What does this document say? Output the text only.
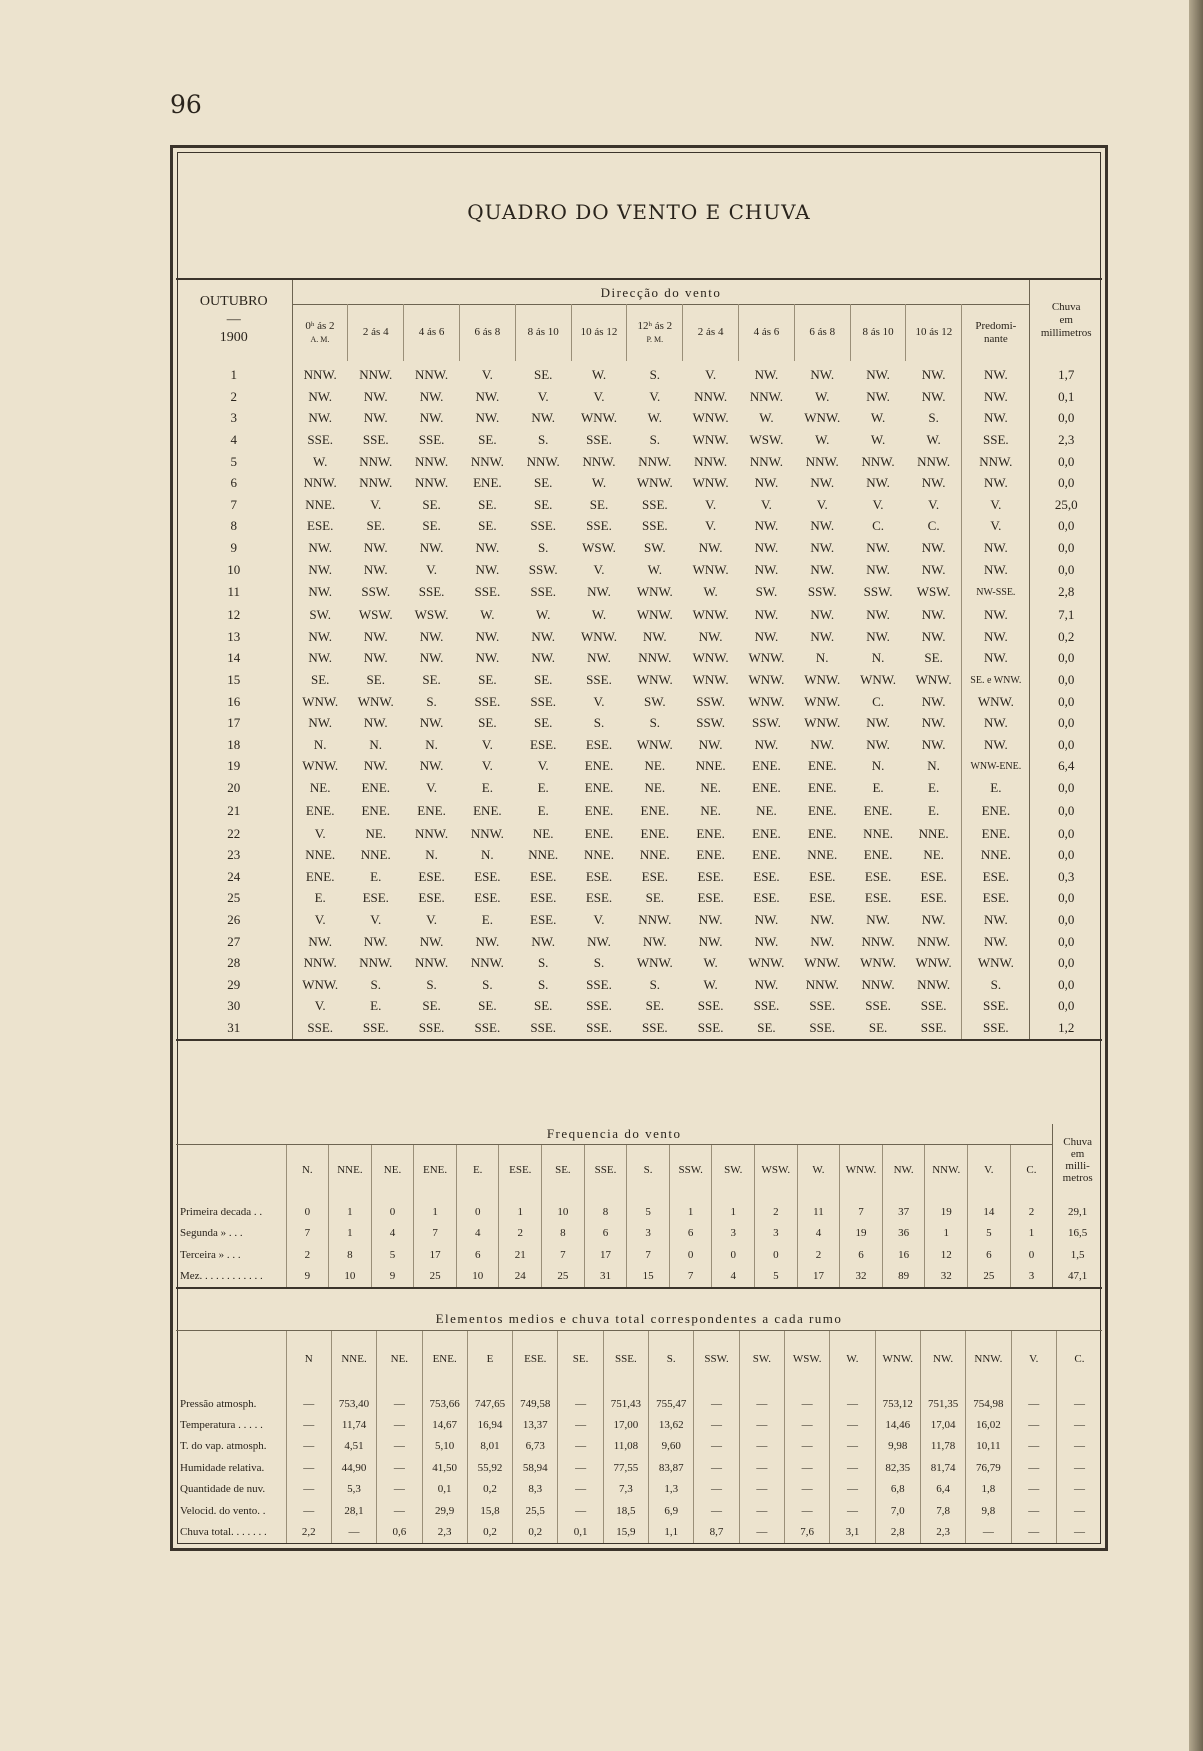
96
QUADRO DO VENTO E CHUVA
OUTUBRO
—
1900	Direcção do vento													Chuva
em
millimetros
	0ʰ ás 2
A. M.	2 ás 4	4 ás 6	6 ás 8	8 ás 10	10 ás 12	12ʰ ás 2
P. M.	2 ás 4	4 ás 6	6 ás 8	8 ás 10	10 ás 12	Predomi-
nante	
1	NNW.	NNW.	NNW.	V.	SE.	W.	S.	V.	NW.	NW.	NW.	NW.	NW.	1,7
2	NW.	NW.	NW.	NW.	V.	V.	V.	NNW.	NNW.	W.	NW.	NW.	NW.	0,1
3	NW.	NW.	NW.	NW.	NW.	WNW.	W.	WNW.	W.	WNW.	W.	S.	NW.	0,0
4	SSE.	SSE.	SSE.	SE.	S.	SSE.	S.	WNW.	WSW.	W.	W.	W.	SSE.	2,3
5	W.	NNW.	NNW.	NNW.	NNW.	NNW.	NNW.	NNW.	NNW.	NNW.	NNW.	NNW.	NNW.	0,0
6	NNW.	NNW.	NNW.	ENE.	SE.	W.	WNW.	WNW.	NW.	NW.	NW.	NW.	NW.	0,0
7	NNE.	V.	SE.	SE.	SE.	SE.	SSE.	V.	V.	V.	V.	V.	V.	25,0
8	ESE.	SE.	SE.	SE.	SSE.	SSE.	SSE.	V.	NW.	NW.	C.	C.	V.	0,0
9	NW.	NW.	NW.	NW.	S.	WSW.	SW.	NW.	NW.	NW.	NW.	NW.	NW.	0,0
10	NW.	NW.	V.	NW.	SSW.	V.	W.	WNW.	NW.	NW.	NW.	NW.	NW.	0,0
11	NW.	SSW.	SSE.	SSE.	SSE.	NW.	WNW.	W.	SW.	SSW.	SSW.	WSW.	NW-SSE.	2,8
12	SW.	WSW.	WSW.	W.	W.	W.	WNW.	WNW.	NW.	NW.	NW.	NW.	NW.	7,1
13	NW.	NW.	NW.	NW.	NW.	WNW.	NW.	NW.	NW.	NW.	NW.	NW.	NW.	0,2
14	NW.	NW.	NW.	NW.	NW.	NW.	NNW.	WNW.	WNW.	N.	N.	SE.	NW.	0,0
15	SE.	SE.	SE.	SE.	SE.	SSE.	WNW.	WNW.	WNW.	WNW.	WNW.	WNW.	SE. e WNW.	0,0
16	WNW.	WNW.	S.	SSE.	SSE.	V.	SW.	SSW.	WNW.	WNW.	C.	NW.	WNW.	0,0
17	NW.	NW.	NW.	SE.	SE.	S.	S.	SSW.	SSW.	WNW.	NW.	NW.	NW.	0,0
18	N.	N.	N.	V.	ESE.	ESE.	WNW.	NW.	NW.	NW.	NW.	NW.	NW.	0,0
19	WNW.	NW.	NW.	V.	V.	ENE.	NE.	NNE.	ENE.	ENE.	N.	N.	WNW-ENE.	6,4
20	NE.	ENE.	V.	E.	E.	ENE.	NE.	NE.	ENE.	ENE.	E.	E.	E.	0,0
21	ENE.	ENE.	ENE.	ENE.	E.	ENE.	ENE.	NE.	NE.	ENE.	ENE.	E.	ENE.	0,0
22	V.	NE.	NNW.	NNW.	NE.	ENE.	ENE.	ENE.	ENE.	ENE.	NNE.	NNE.	ENE.	0,0
23	NNE.	NNE.	N.	N.	NNE.	NNE.	NNE.	ENE.	ENE.	NNE.	ENE.	NE.	NNE.	0,0
24	ENE.	E.	ESE.	ESE.	ESE.	ESE.	ESE.	ESE.	ESE.	ESE.	ESE.	ESE.	ESE.	0,3
25	E.	ESE.	ESE.	ESE.	ESE.	ESE.	SE.	ESE.	ESE.	ESE.	ESE.	ESE.	ESE.	0,0
26	V.	V.	V.	E.	ESE.	V.	NNW.	NW.	NW.	NW.	NW.	NW.	NW.	0,0
27	NW.	NW.	NW.	NW.	NW.	NW.	NW.	NW.	NW.	NW.	NNW.	NNW.	NW.	0,0
28	NNW.	NNW.	NNW.	NNW.	S.	S.	WNW.	W.	WNW.	WNW.	WNW.	WNW.	WNW.	0,0
29	WNW.	S.	S.	S.	S.	SSE.	S.	W.	NW.	NNW.	NNW.	NNW.	S.	0,0
30	V.	E.	SE.	SE.	SE.	SSE.	SE.	SSE.	SSE.	SSE.	SSE.	SSE.	SSE.	0,0
31	SSE.	SSE.	SSE.	SSE.	SSE.	SSE.	SSE.	SSE.	SE.	SSE.	SE.	SSE.	SSE.	1,2
Frequencia do vento																			Chuva
em
milli-
metros
	N.	NNE.	NE.	ENE.	E.	ESE.	SE.	SSE.	S.	SSW.	SW.	WSW.	W.	WNW.	NW.	NNW.	V.	C.	
Primeira decada . .	0	1	0	1	0	1	10	8	5	1	1	2	11	7	37	19	14	2	29,1
Segunda » . . .	7	1	4	7	4	2	8	6	3	6	3	3	4	19	36	1	5	1	16,5
Terceira » . . .	2	8	5	17	6	21	7	17	7	0	0	0	2	6	16	12	6	0	1,5
Mez. . . . . . . . . . . .	9	10	9	25	10	24	25	31	15	7	4	5	17	32	89	32	25	3	47,1
Elementos medios e chuva total correspondentes a cada rumo																		
	N	NNE.	NE.	ENE.	E	ESE.	SE.	SSE.	S.	SSW.	SW.	WSW.	W.	WNW.	NW.	NNW.	V.	C.
Pressão atmosph.	—	753,40	—	753,66	747,65	749,58	—	751,43	755,47	—	—	—	—	753,12	751,35	754,98	—	—
Temperatura . . . . .	—	11,74	—	14,67	16,94	13,37	—	17,00	13,62	—	—	—	—	14,46	17,04	16,02	—	—
T. do vap. atmosph.	—	4,51	—	5,10	8,01	6,73	—	11,08	9,60	—	—	—	—	9,98	11,78	10,11	—	—
Humidade relativa.	—	44,90	—	41,50	55,92	58,94	—	77,55	83,87	—	—	—	—	82,35	81,74	76,79	—	—
Quantidade de nuv.	—	5,3	—	0,1	0,2	8,3	—	7,3	1,3	—	—	—	—	6,8	6,4	1,8	—	—
Velocid. do vento. .	—	28,1	—	29,9	15,8	25,5	—	18,5	6,9	—	—	—	—	7,0	7,8	9,8	—	—
Chuva total. . . . . . .	2,2	—	0,6	2,3	0,2	0,2	0,1	15,9	1,1	8,7	—	7,6	3,1	2,8	2,3	—	—	—
